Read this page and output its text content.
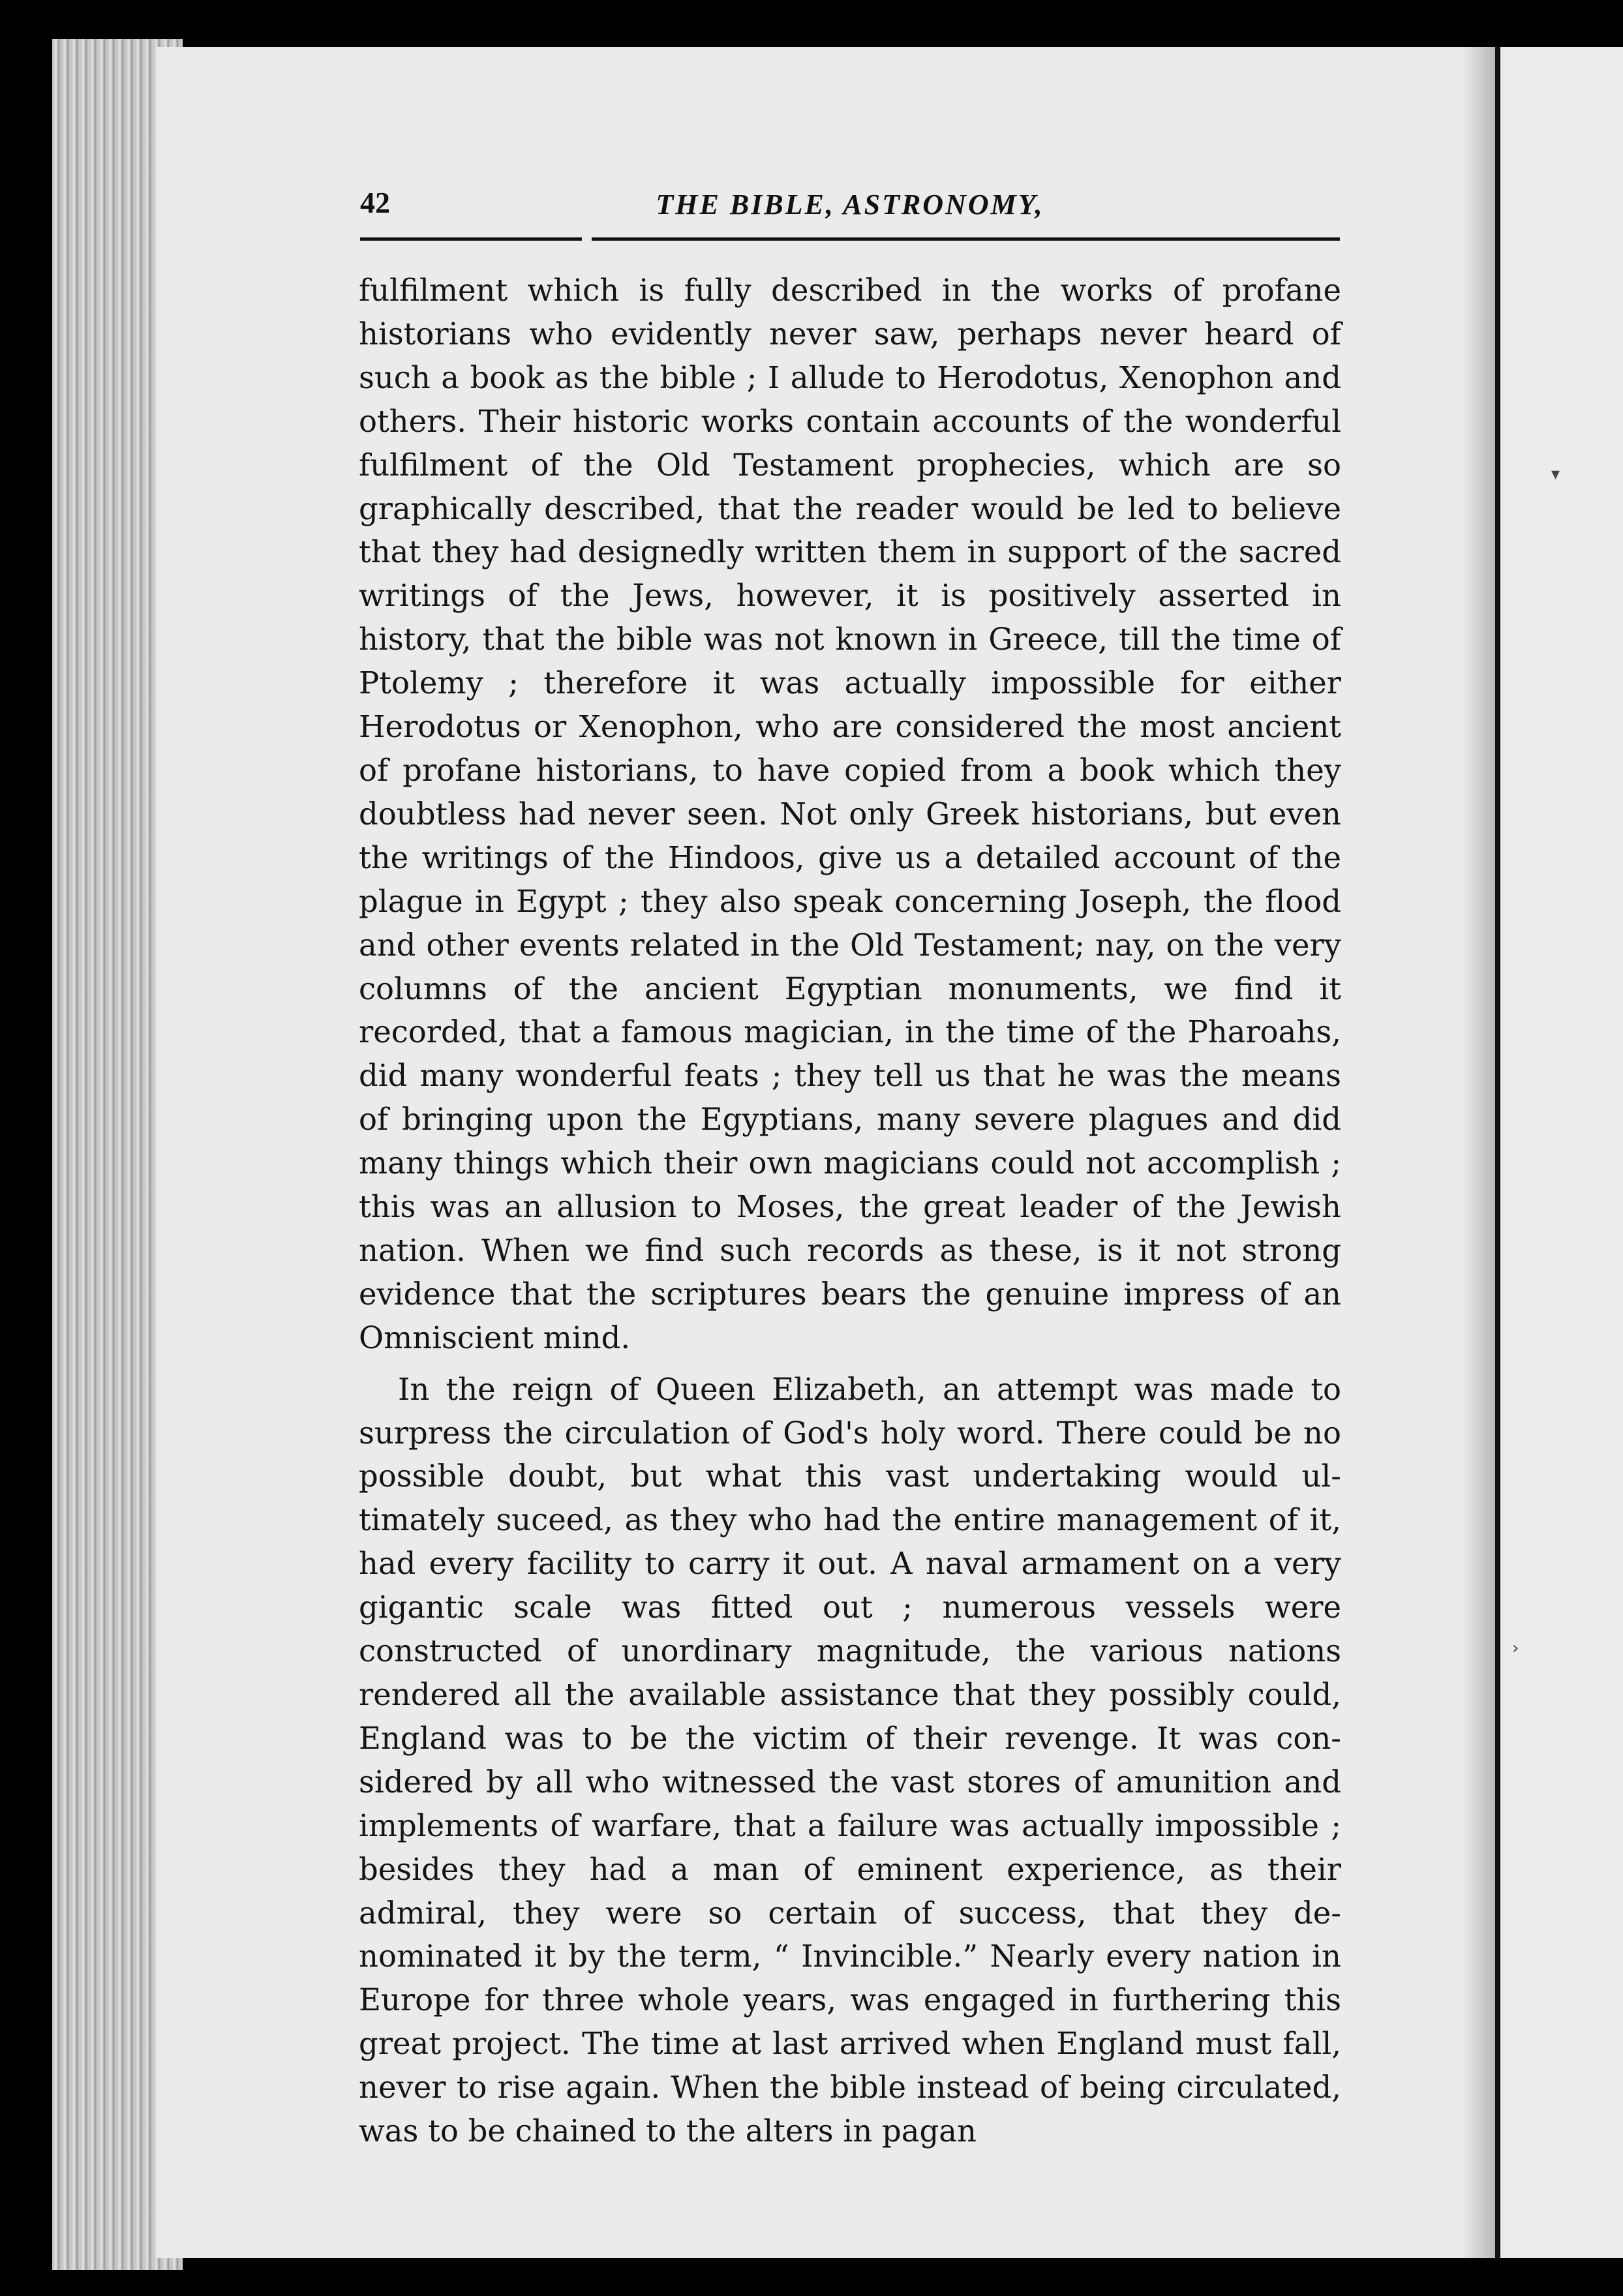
▾
›
42	THE BIBLE, ASTRONOMY,

fulfilment which is fully described in the works of profane historians who evidently never saw, perhaps never heard of such a book as the bible ; I allude to Herodotus, Xenophon and others. Their historic works contain accounts of the wonderful fulfilment of the Old Testament prophecies, which are so graphically described, that the reader would be led to believe that they had designedly written them in support of the sacred writings of the Jews, however, it is positively asserted in history, that the bible was not known in Greece, till the time of Ptolemy ; therefore it was actually impossible for either Herodotus or Xenophon, who are considered the most ancient of profane historians, to have copied from a book which they doubtless had never seen. Not only Greek historians, but even the writings of the Hindoos, give us a detailed account of the plague in Egypt ; they also speak concerning Joseph, the flood and other events related in the Old Testament; nay, on the very columns of the ancient Egyptian monuments, we find it recorded, that a famous magician, in the time of the Pharoahs, did many wonderful feats ; they tell us that he was the means of bringing upon the Egyptians, many severe plagues and did many things which their own magicians could not accomplish ; this was an allusion to Moses, the great leader of the Jewish nation. When we find such records as these, is it not strong evidence that the scriptures bears the genuine impress of an Omniscient mind.

In the reign of Queen Elizabeth, an attempt was made to surpress the circulation of God's holy word. There could be no possible doubt, but what this vast undertaking would ultimately suceed, as they who had the entire management of it, had every facility to carry it out. A naval armament on a very gigantic scale was fitted out ; numerous vessels were constructed of unordinary magnitude, the various nations rendered all the available assistance that they possibly could, England was to be the victim of their revenge. It was considered by all who witnessed the vast stores of amunition and implements of warfare, that a failure was actually impossible ; besides they had a man of eminent experience, as their admiral, they were so certain of success, that they denominated it by the term, “ Invincible.” Nearly every nation in Europe for three whole years, was engaged in furthering this great project. The time at last arrived when England must fall, never to rise again. When the bible instead of being circulated, was to be chained to the alters in pagan
